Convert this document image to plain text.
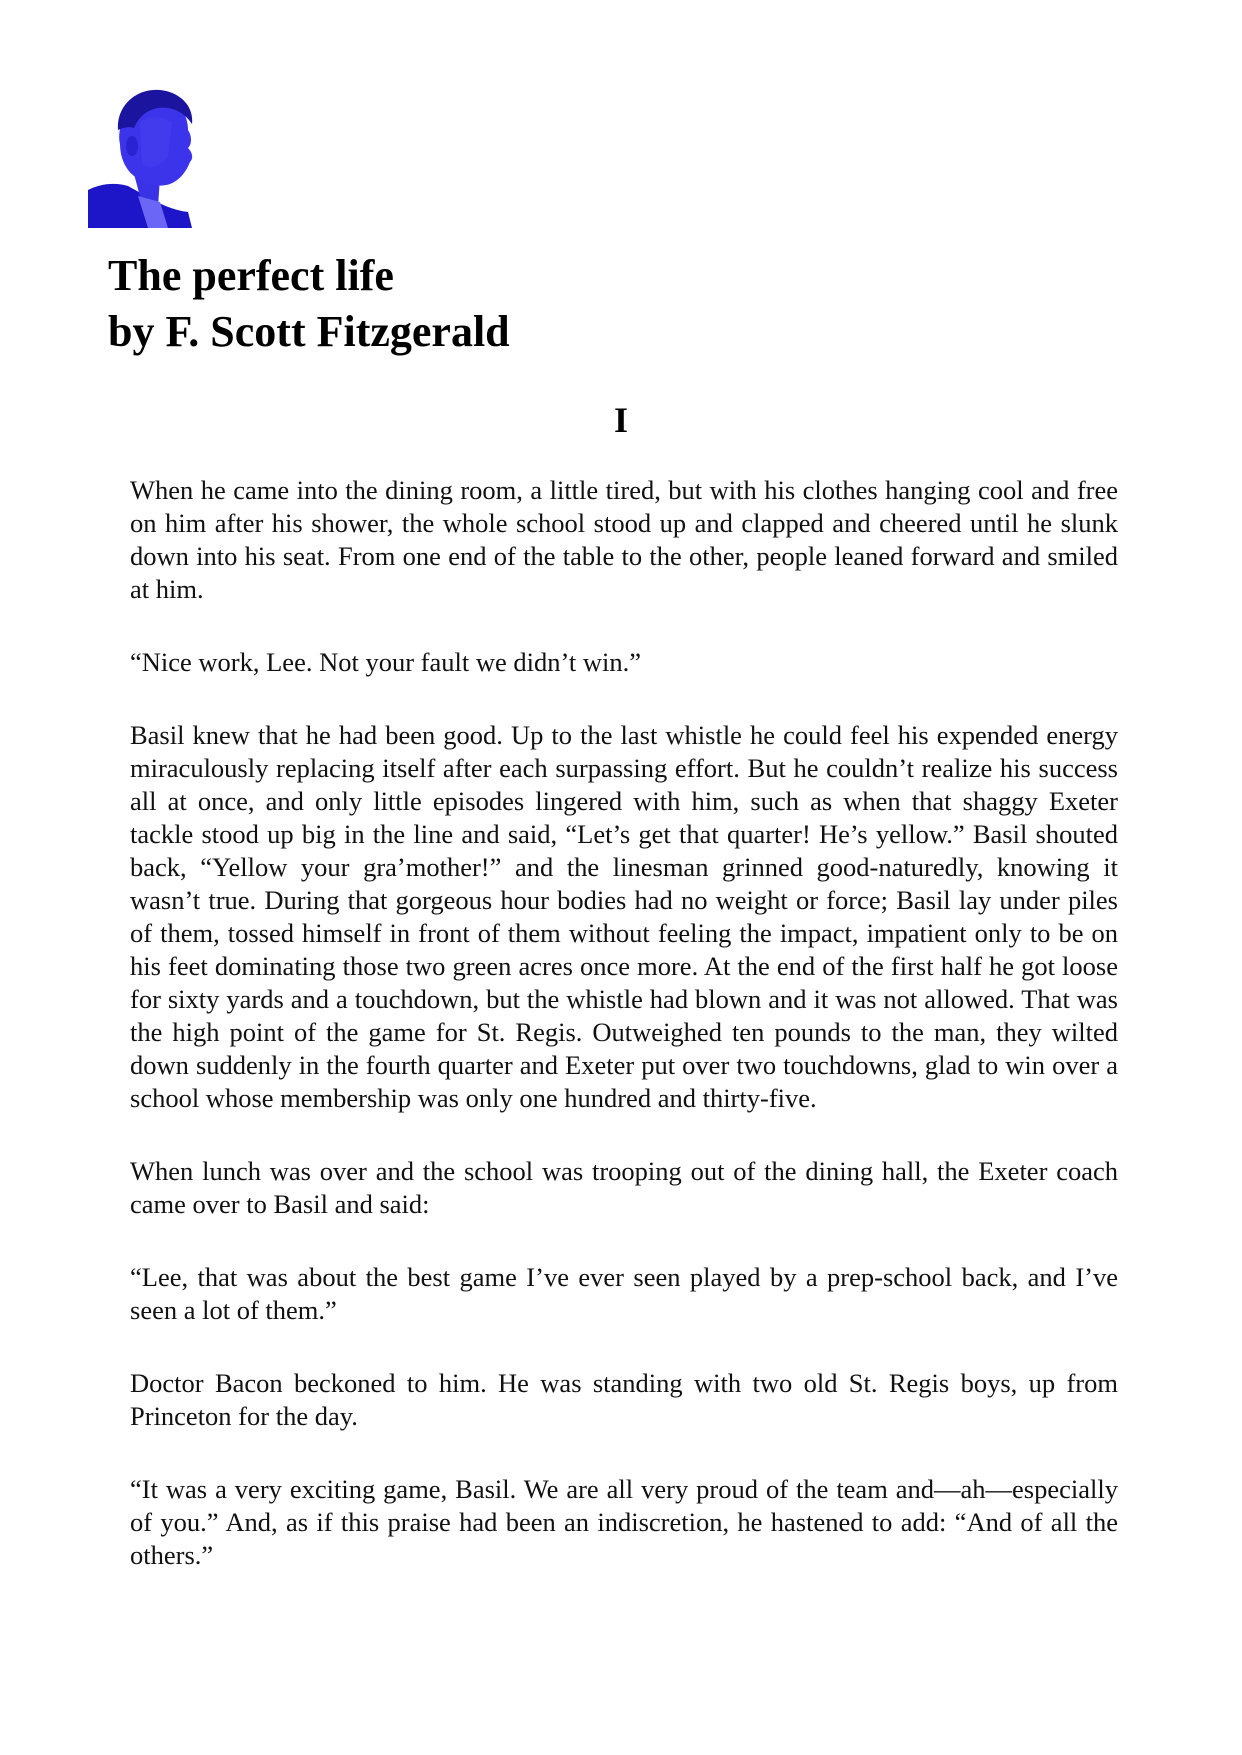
The perfect life
by F. Scott Fitzgerald
I

When he came into the dining room, a little tired, but with his clothes hanging cool and free on him after his shower, the whole school stood up and clapped and cheered until he slunk down into his seat. From one end of the table to the other, people leaned forward and smiled at him.

“Nice work, Lee. Not your fault we didn’t win.”

Basil knew that he had been good. Up to the last whistle he could feel his expended energy miraculously replacing itself after each surpassing effort. But he couldn’t realize his success all at once, and only little episodes lingered with him, such as when that shaggy Exeter tackle stood up big in the line and said, “Let’s get that quarter! He’s yellow.” Basil shouted back, “Yellow your gra’mother!” and the linesman grinned good-naturedly, knowing it wasn’t true. During that gorgeous hour bodies had no weight or force; Basil lay under piles of them, tossed himself in front of them without feeling the impact, impatient only to be on his feet dominating those two green acres once more. At the end of the first half he got loose for sixty yards and a touchdown, but the whistle had blown and it was not allowed. That was the high point of the game for St. Regis. Outweighed ten pounds to the man, they wilted down suddenly in the fourth quarter and Exeter put over two touchdowns, glad to win over a school whose membership was only one hundred and thirty-five.

When lunch was over and the school was trooping out of the dining hall, the Exeter coach came over to Basil and said:

“Lee, that was about the best game I’ve ever seen played by a prep-school back, and I’ve seen a lot of them.”

Doctor Bacon beckoned to him. He was standing with two old St. Regis boys, up from Princeton for the day.

“It was a very exciting game, Basil. We are all very proud of the team and—ah—especially of you.” And, as if this praise had been an indiscretion, he hastened to add: “And of all the others.”
